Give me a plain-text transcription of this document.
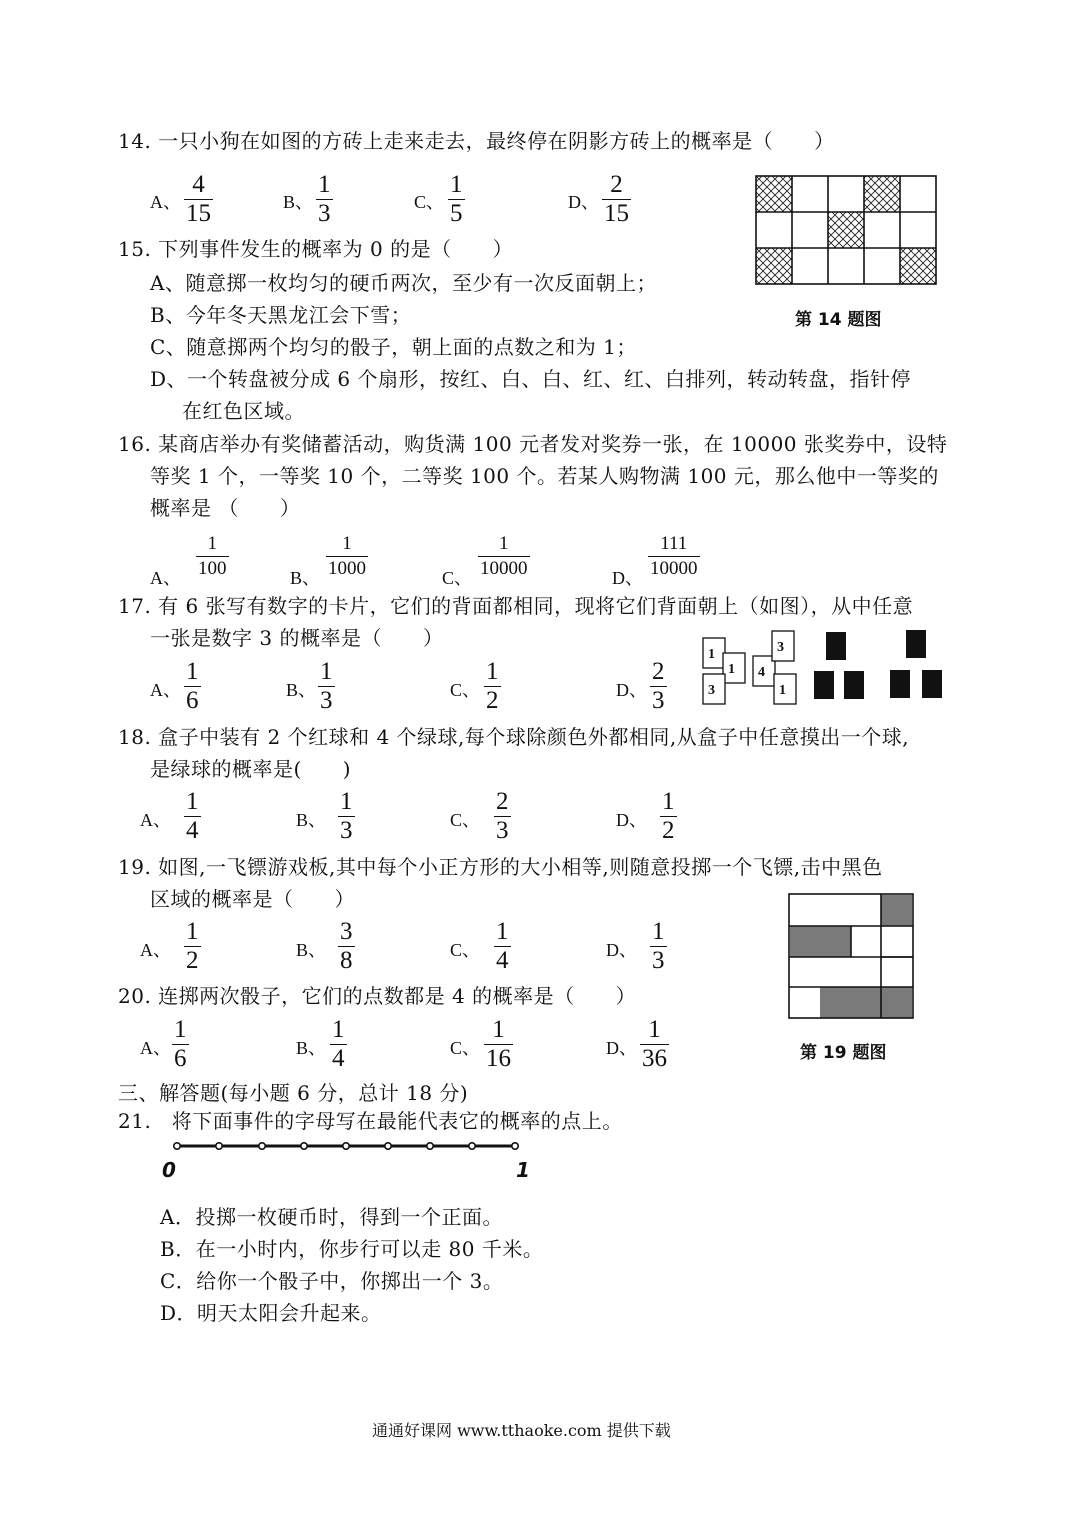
14. 一只小狗在如图的方砖上走来走去，最终停在阴影方砖上的概率是（　　）
A、 $\frac{4}{15}$	B、 $\frac{1}{3}$	C、 $\frac{1}{5}$	D、 $\frac{2}{15}$
第 14 题图
15. 下列事件发生的概率为 0 的是（　　）
A、随意掷一枚均匀的硬币两次，至少有一次反面朝上；
B、今年冬天黑龙江会下雪；
C、随意掷两个均匀的骰子，朝上面的点数之和为 1；
D、一个转盘被分成 6 个扇形，按红、白、白、红、红、白排列，转动转盘，指针停
在红色区域。
16. 某商店举办有奖储蓄活动，购货满 100 元者发对奖券一张，在 10000 张奖券中，设特
等奖 1 个，一等奖 10 个，二等奖 100 个。若某人购物满 100 元，那么他中一等奖的
概率是 （　　）
A、 $\frac{1}{100}$	B、 $\frac{1}{1000}$	C、 $\frac{1}{10000}$	D、 $\frac{111}{10000}$
17. 有 6 张写有数字的卡片，它们的背面都相同，现将它们背面朝上（如图），从中任意
一张是数字 3 的概率是（　　）
A、 $\frac{1}{6}$	B、 $\frac{1}{3}$	C、 $\frac{1}{2}$	D、 $\frac{2}{3}$
1
1
3
4
3
1
18. 盒子中装有 2 个红球和 4 个绿球,每个球除颜色外都相同,从盒子中任意摸出一个球,
是绿球的概率是(　　)
A、 $\frac{1}{4}$	B、 $\frac{1}{3}$	C、 $\frac{2}{3}$	D、 $\frac{1}{2}$
19. 如图,一飞镖游戏板,其中每个小正方形的大小相等,则随意投掷一个飞镖,击中黑色
区域的概率是（　　）
A、 $\frac{1}{2}$	B、 $\frac{3}{8}$	C、 $\frac{1}{4}$	D、 $\frac{1}{3}$
第 19 题图
20. 连掷两次骰子，它们的点数都是 4 的概率是（　　）
A、 $\frac{1}{6}$	B、 $\frac{1}{4}$	C、 $\frac{1}{16}$	D、 $\frac{1}{36}$
三、解答题(每小题 6 分，总计 18 分)
21.　将下面事件的字母写在最能代表它的概率的点上。
0	1
A．投掷一枚硬币时，得到一个正面。
B．在一小时内，你步行可以走 80 千米。
C．给你一个骰子中，你掷出一个 3。
D．明天太阳会升起来。
通通好课网 www.tthaoke.com 提供下载
